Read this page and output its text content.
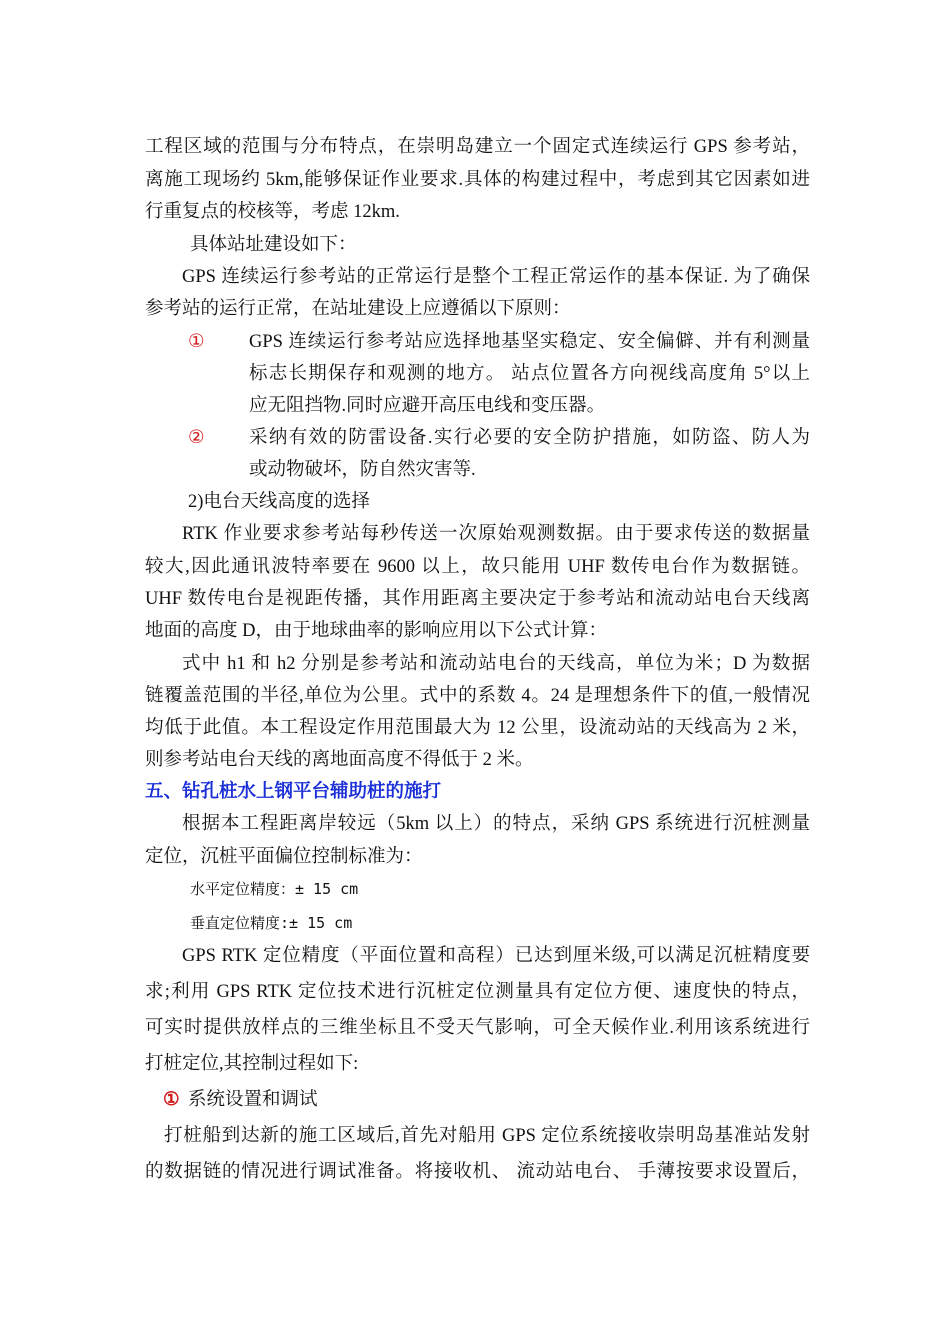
工程区域的范围与分布特点，在崇明岛建立一个固定式连续运行 GPS 参考站，
离施工现场约 5km,能够保证作业要求.具体的构建过程中，考虑到其它因素如进
行重复点的校核等，考虑 12km.
具体站址建设如下：
GPS 连续运行参考站的正常运行是整个工程正常运作的基本保证. 为了确保
参考站的运行正常，在站址建设上应遵循以下原则：
①	GPS 连续运行参考站应选择地基坚实稳定、安全偏僻、并有利测量
标志长期保存和观测的地方。 站点位置各方向视线高度角 5°以上
应无阻挡物.同时应避开高压电线和变压器。
②	采纳有效的防雷设备.实行必要的安全防护措施，如防盗、防人为
或动物破坏，防自然灾害等.
2)电台天线高度的选择
RTK 作业要求参考站每秒传送一次原始观测数据。由于要求传送的数据量
较大,因此通讯波特率要在 9600 以上，故只能用 UHF 数传电台作为数据链。
UHF 数传电台是视距传播，其作用距离主要决定于参考站和流动站电台天线离
地面的高度 D，由于地球曲率的影响应用以下公式计算：
式中 h1 和 h2 分别是参考站和流动站电台的天线高，单位为米；D 为数据
链覆盖范围的半径,单位为公里。式中的系数 4。24 是理想条件下的值,一般情况
均低于此值。本工程设定作用范围最大为 12 公里，设流动站的天线高为 2 米，
则参考站电台天线的离地面高度不得低于 2 米。
五、钻孔桩水上钢平台辅助桩的施打
根据本工程距离岸较远（5km 以上）的特点，采纳 GPS 系统进行沉桩测量
定位，沉桩平面偏位控制标准为：
水平定位精度：± 15 cm
垂直定位精度:± 15 cm
GPS RTK 定位精度（平面位置和高程）已达到厘米级,可以满足沉桩精度要
求;利用 GPS RTK 定位技术进行沉桩定位测量具有定位方便、速度快的特点，
可实时提供放样点的三维坐标且不受天气影响，可全天候作业.利用该系统进行
打桩定位,其控制过程如下:
① 系统设置和调试
打桩船到达新的施工区域后,首先对船用 GPS 定位系统接收崇明岛基准站发射
的数据链的情况进行调试准备。将接收机、 流动站电台、 手薄按要求设置后，
